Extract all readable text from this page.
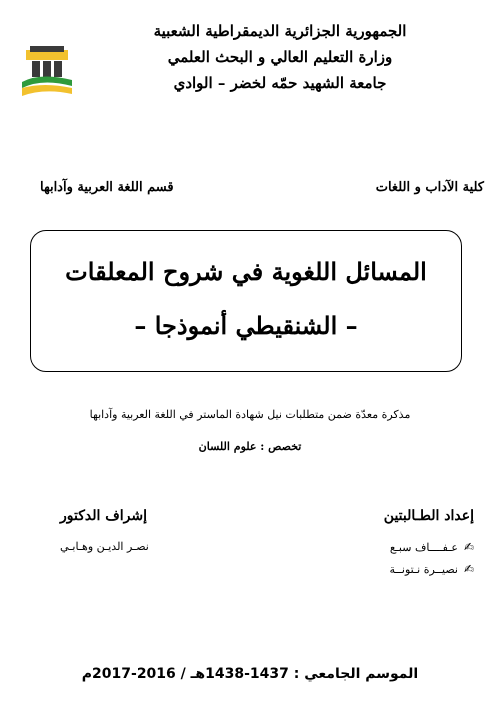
الجمهورية الجزائرية الديمقراطية الشعبية
وزارة التعليم العالي و البحث العلمي
جامعة الشهيد حمّه لخضر – الوادي
كلية الآداب و اللغات
قسم اللغة العربية وآدابها
المسائل اللغوية في شروح المعلقات
– الشنقيطي أنموذجا –
مذكرة معدّة ضمن متطلبات نيل شهادة الماستر في اللغة العربية وآدابها
تخصص : علوم اللسان
إعداد الطـالبتين
✍
عـفــــاف سبـع
✍
نصيــرة نـتونــة
إشراف الدكتور
نصـر الديـن وهـابـي
الموسم الجامعي : 1437-1438هـ / 2016-2017م
